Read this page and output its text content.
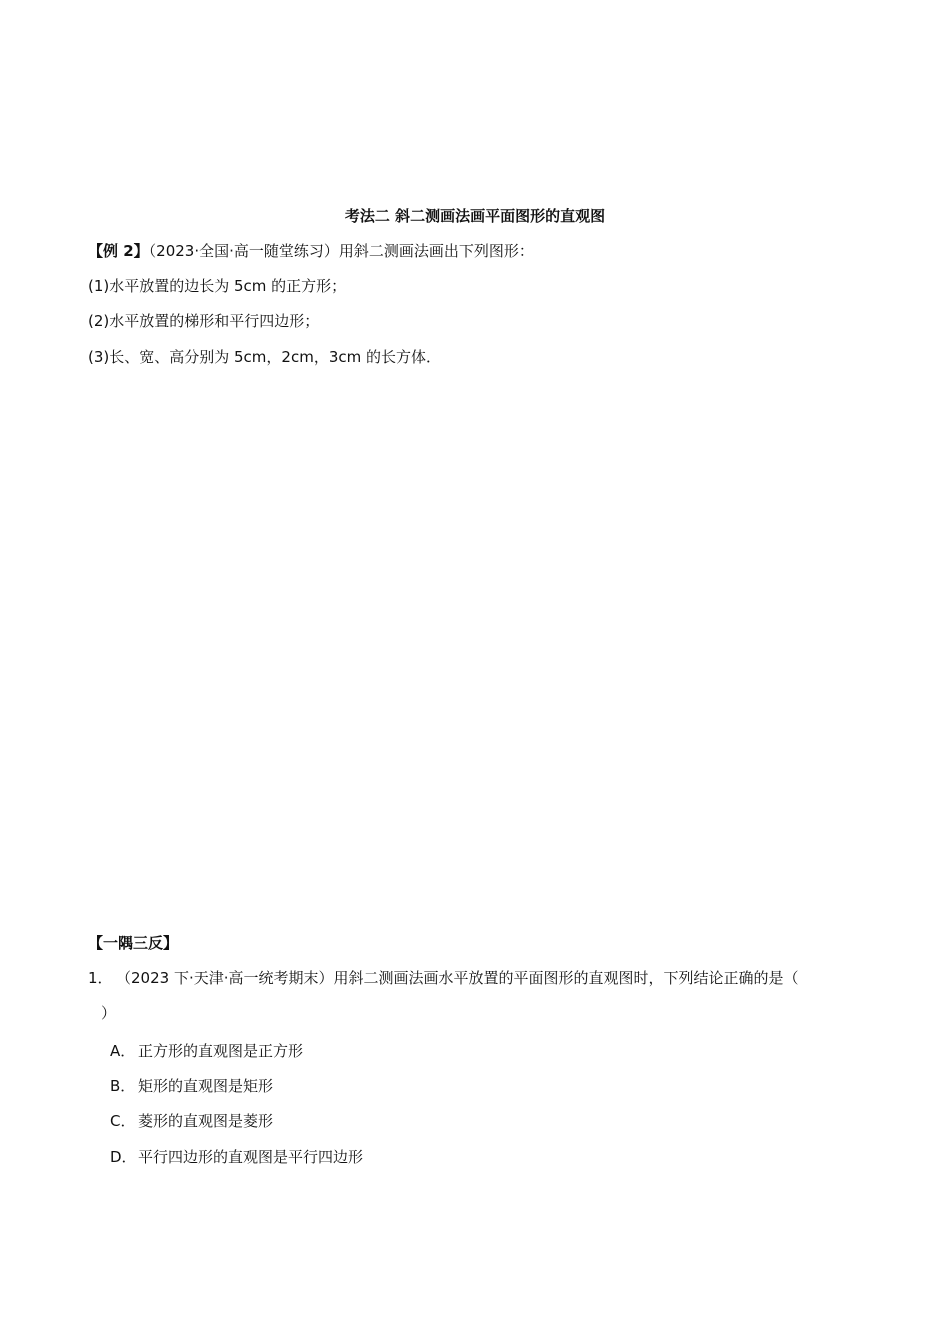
考法二 斜二测画法画平面图形的直观图
【例 2】（2023·全国·高一随堂练习）用斜二测画法画出下列图形：
(1)水平放置的边长为 5cm 的正方形；
(2)水平放置的梯形和平行四边形；
(3)长、宽、高分别为 5cm，2cm，3cm 的长方体．
【一隅三反】
1． （2023 下·天津·高一统考期末）用斜二测画法画水平放置的平面图形的直观图时，下列结论正确的是（
）
A． 正方形的直观图是正方形
B． 矩形的直观图是矩形
C． 菱形的直观图是菱形
D．平行四边形的直观图是平行四边形
